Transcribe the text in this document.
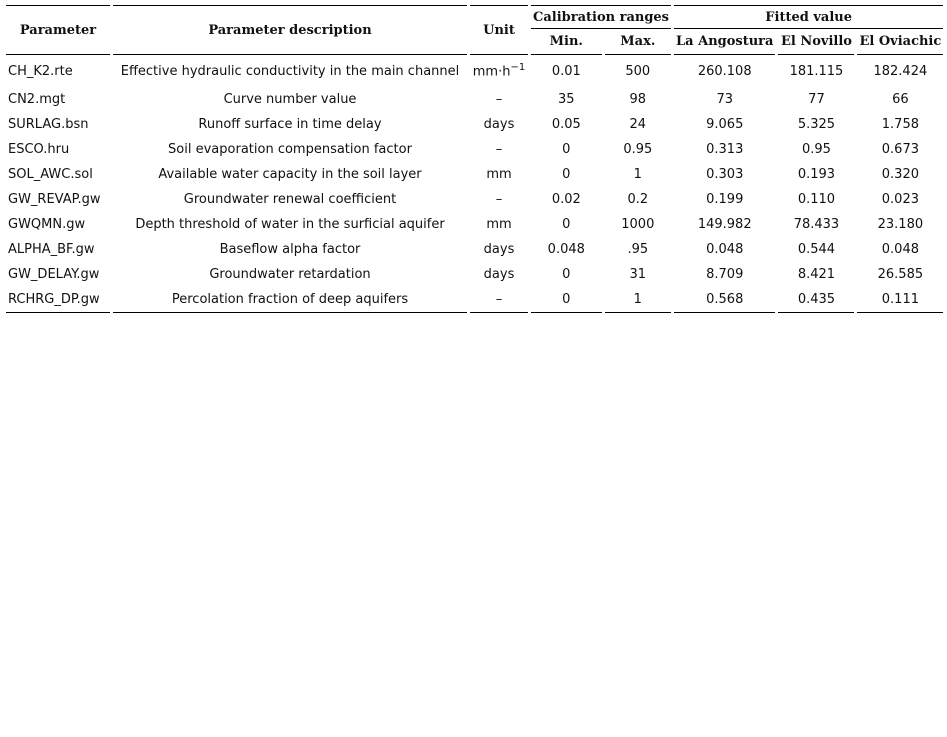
Parameter	Parameter description	Unit	Calibration ranges		Fitted value		
			Min.	Max.	La Angostura	El Novillo	El Oviachic
CH_K2.rte	Effective hydraulic conductivity in the main channel	$mm\cdot h^{-1}$	0.01	500	260.108	181.115	182.424
CN2.mgt	Curve number value	–	35	98	73	77	66
SURLAG.bsn	Runoff surface in time delay	days	0.05	24	9.065	5.325	1.758
ESCO.hru	Soil evaporation compensation factor	–	0	0.95	0.313	0.95	0.673
SOL_AWC.sol	Available water capacity in the soil layer	mm	0	1	0.303	0.193	0.320
GW_REVAP.gw	Groundwater renewal coefficient	–	0.02	0.2	0.199	0.110	0.023
GWQMN.gw	Depth threshold of water in the surficial aquifer	mm	0	1000	149.982	78.433	23.180
ALPHA_BF.gw	Baseflow alpha factor	days	0.048	.95	0.048	0.544	0.048
GW_DELAY.gw	Groundwater retardation	days	0	31	8.709	8.421	26.585
RCHRG_DP.gw	Percolation fraction of deep aquifers	–	0	1	0.568	0.435	0.111
